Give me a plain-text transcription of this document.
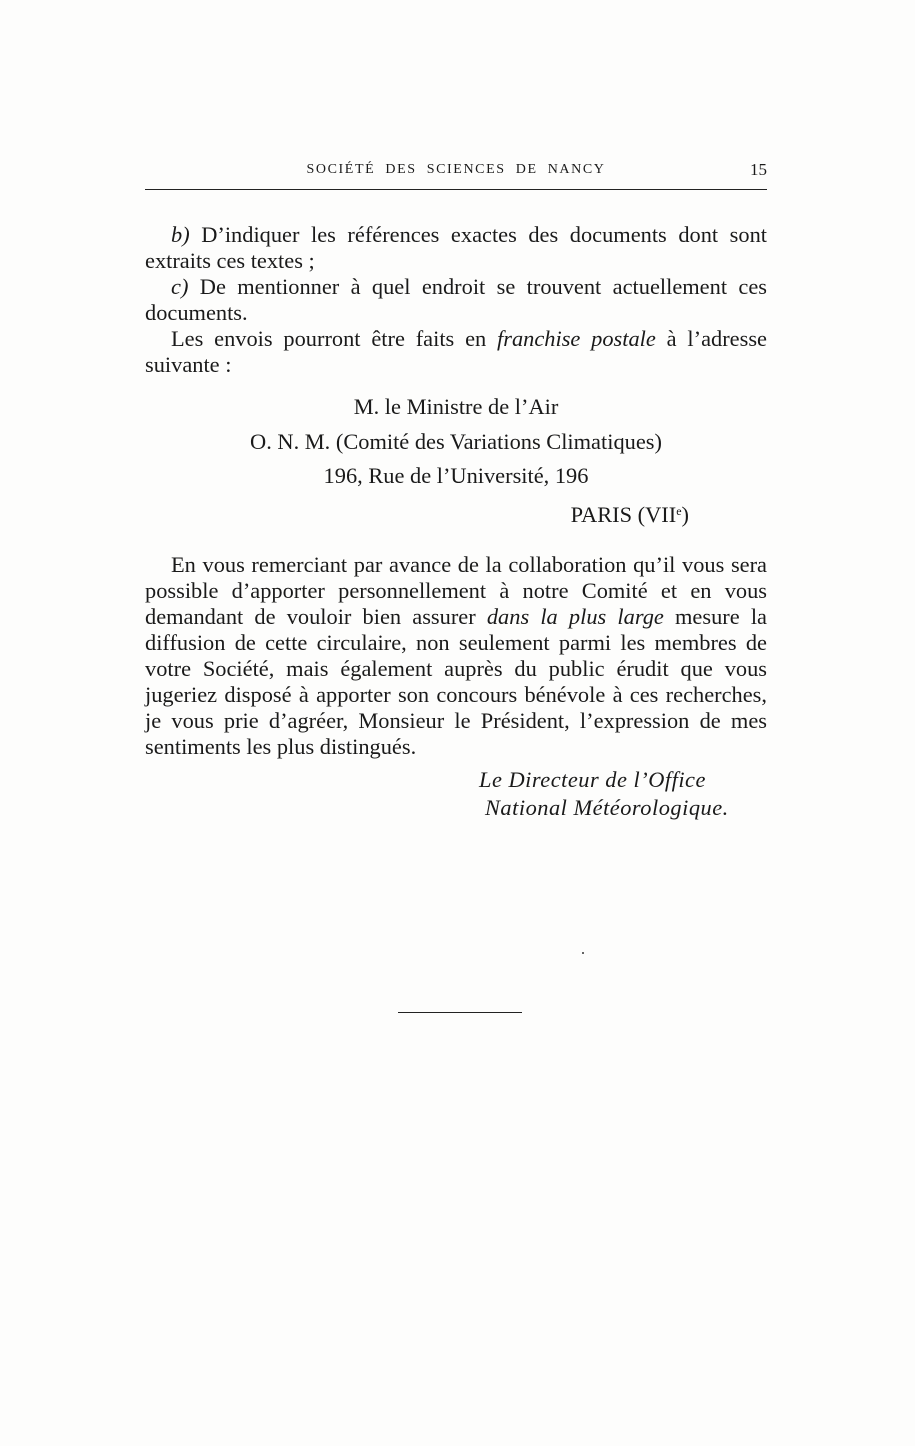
SOCIÉTÉ DES SCIENCES DE NANCY	15

b) D’indiquer les références exactes des documents dont sont extraits ces textes ;

c) De mentionner à quel endroit se trouvent actuellement ces documents.

Les envois pourront être faits en franchise postale à l’adresse suivante :

M. le Ministre de l’Air
O. N. M. (Comité des Variations Climatiques)
196, Rue de l’Université, 196
PARIS (VIIe)

En vous remerciant par avance de la collaboration qu’il vous sera possible d’apporter personnellement à notre Comité et en vous demandant de vouloir bien assurer dans la plus large mesure la diffusion de cette circulaire, non seulement parmi les membres de votre Société, mais également auprès du public érudit que vous jugeriez disposé à apporter son concours bénévole à ces recherches, je vous prie d’agréer, Monsieur le Président, l’expression de mes sentiments les plus distingués.

Le Directeur de l’Office
National Météorologique.
